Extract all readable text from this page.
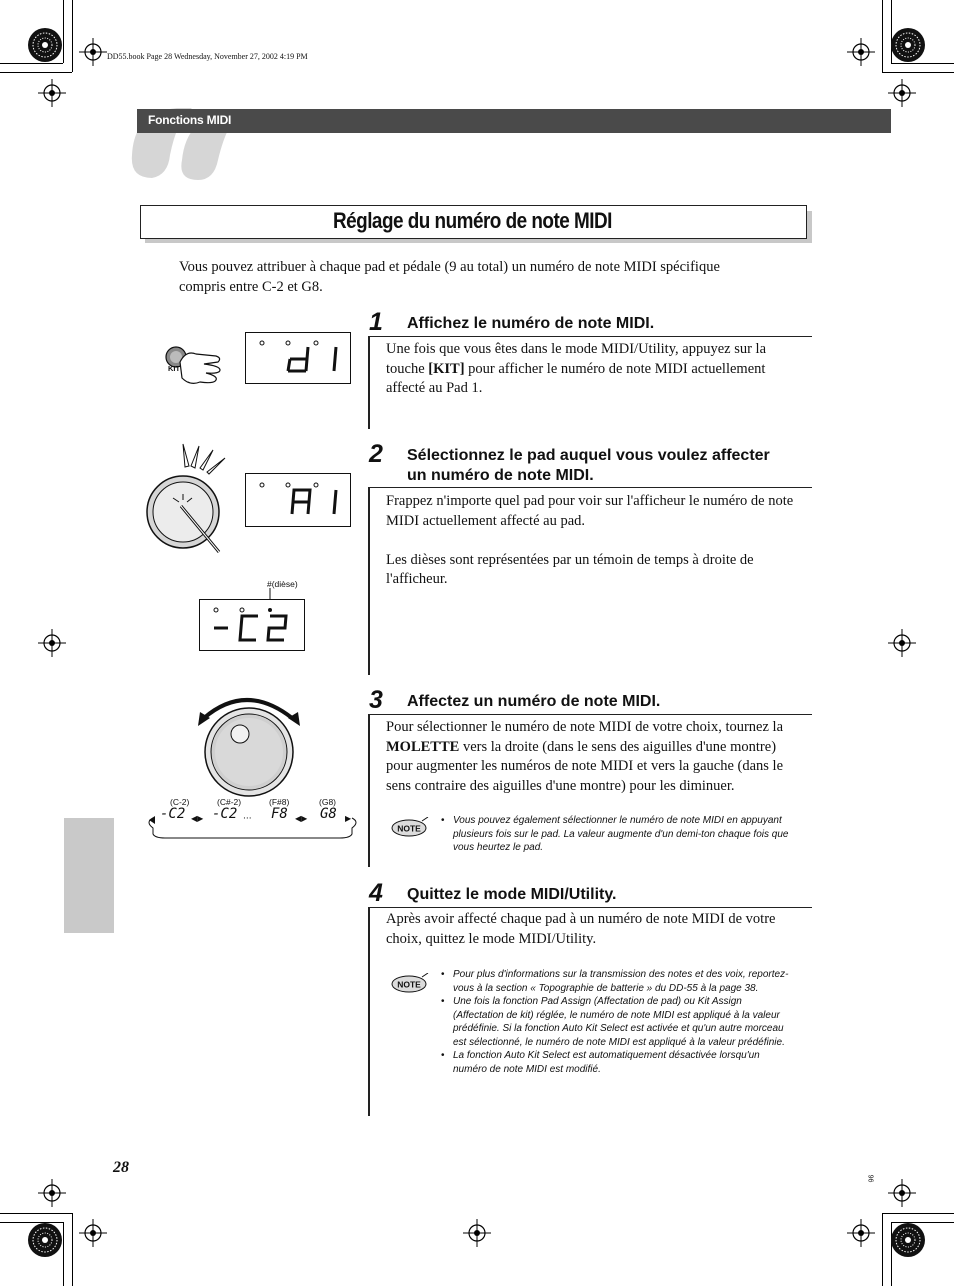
DD55.book Page 28 Wednesday, November 27, 2002 4:19 PM
Fonctions MIDI
Réglage du numéro de note MIDI
Vous pouvez attribuer à chaque pad et pédale (9 au total) un numéro de note MIDI spécifique
compris entre C-2 et G8.
KIT
#(dièse)
(C-2)	(C#-2)	(F#8)	(G8)
-C2 -C2 F8 G8
◀▶	···	◀▶	▶
1 Affichez le numéro de note MIDI.
Une fois que vous êtes dans le mode MIDI/Utility, appuyez sur la
touche [KIT] pour afficher le numéro de note MIDI actuellement
affecté au Pad 1.
2 Sélectionnez le pad auquel vous voulez affecter
un numéro de note MIDI.
Frappez n'importe quel pad pour voir sur l'afficheur le numéro de note
MIDI actuellement affecté au pad.
Les dièses sont représentées par un témoin de temps à droite de
l'afficheur.
3 Affectez un numéro de note MIDI.
Pour sélectionner le numéro de note MIDI de votre choix, tournez la
MOLETTE vers la droite (dans le sens des aiguilles d'une montre)
pour augmenter les numéros de note MIDI et vers la gauche (dans le
sens contraire des aiguilles d'une montre) pour les diminuer.
NOTE
• Vous pouvez également sélectionner le numéro de note MIDI en appuyant plusieurs fois sur le pad. La valeur augmente d'un demi-ton chaque fois que vous heurtez le pad.
4 Quittez le mode MIDI/Utility.
Après avoir affecté chaque pad à un numéro de note MIDI de votre
choix, quittez le mode MIDI/Utility.
NOTE
• Pour plus d'informations sur la transmission des notes et des voix, reportez-vous à la section « Topographie de batterie » du DD-55 à la page 38.
• Une fois la fonction Pad Assign (Affectation de pad) ou Kit Assign (Affectation de kit) réglée, le numéro de note MIDI est appliqué à la valeur prédéfinie. Si la fonction Auto Kit Select est activée et qu'un autre morceau est sélectionné, le numéro de note MIDI est appliqué à la valeur prédéfinie.
• La fonction Auto Kit Select est automatiquement désactivée lorsqu'un numéro de note MIDI est modifié.
28
96
